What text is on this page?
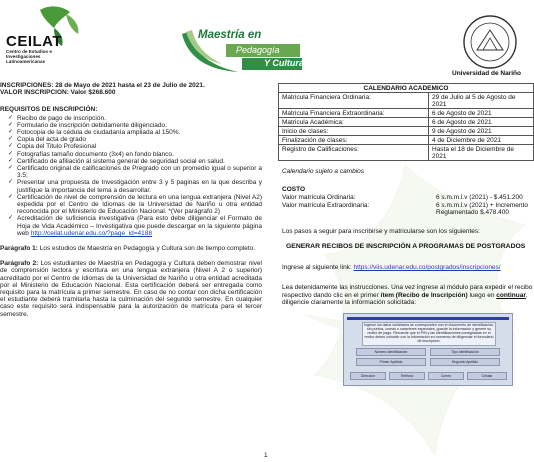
CEILAT
Centro de Estudios e Investigaciones Latinoamericanas
Maestría en
Pedagogía
Y Cultura
Universidad de Nariño

INSCRIPCIONES: 28 de Mayo de 2021 hasta el 23 de Julio de 2021.

VALOR INSCRIPCION: Valor $268.600

REQUISITOS DE INSCRIPCIÓN:

✓ Recibo de pago de inscripción.
✓ Formulario de inscripción debidamente diligenciado.
✓ Fotocopia de la cédula de ciudadanía ampliada al 150%.
✓ Copia del acta de grado
✓ Copia del Titulo Profesional
✓ Fotografías tamaño documento (3x4) en fondo blanco.
✓ Certificado de afiliación al sistema general de seguridad social en salud.
✓ Certificado original de calificaciones de Pregrado con un promedio igual o superior a 3.5;
✓ Presentar una propuesta de Investigación entre 3 y 5 paginas en la que describa y justifique la importancia del tema a desarrollar.
✓ Certificación de nivel de comprensión de lectura en una lengua extranjera (Nivel A2) expedida por el Centro de Idiomas de la Universidad de Nariño u otra entidad reconocida por el Ministerio de Educación Nacional. *(Ver parágrafo 2)
✓ Acreditación de suficiencia investigativa (Para esto debe diligenciar el Formato de Hoja de Vida Académico – Investigativa que puede descargar en la siguiente página web http://ceilat.udenar.edu.co/?page_id=4188

Parágrafo 1: Los estudios de Maestría en Pedagogía y Cultura son de tiempo completo.

Parágrafo 2: Los estudiantes de Maestría en Pedagogía y Cultura deben demostrar nivel de comprensión lectora y escritura en una lengua extranjera (Nivel A 2 o superior) acreditado por el Centro de Idiomas de la Universidad de Nariño u otra entidad acreditada por el Ministerio de Educación Nacional. Esta certificación deberá ser entregada como requisito para la matrícula a primer semestre. En caso de no contar con dicha certificación el estudiante deberá tramitarla hasta la culminación del segundo semestre. En cualquier caso este requisito será indispensable para la autorización de matrícula para el tercer semestre.

CALENDARIO ACADEMICO	
Matricula Financiera Ordinaria:	29 de Julio al 5 de Agosto de 2021
Matricula Financiera Extraordinaria:	6 de Agosto de 2021
Matricula Académica:	6 de Agosto de 2021
Inicio de clases:	9 de Agosto de 2021
Finalización de clases:	4 de Diciembre de 2021
Registro de Calificaciones:	Hasta el 18 de Diciembre de 2021
Calendario sujeto a cambios
COSTO
Valor matrícula Ordinaria:	6 s.m.m.l.v (2021) - $.451.200
Valor matrícula Extraordinaria:	6 s.m.m.l.v (2021) + Incremento Reglamentado $.478.400
Los pasos a seguir para inscribirse y matricularse son los siguientes:
GENERAR RECIBOS DE INSCRIPCIÓN A PROGRAMAS DE POSTGRADOS
Ingrese al siguiente link: https://viis.udenar.edu.co/postgrados/inscripciones/
Lea detenidamente las instrucciones. Una vez ingrese al módulo para expedir el recibo respectivo dando clic en el primer ítem (Recibo de Inscripción) luego en continuar, diligencie claramente la información solicitada:
Ingrese los datos solicitados se corresponden con el documento de identificación, sin puntos, comas o caracteres especiales, guarde la información y genere su recibo de pago. Recuerde que el PIN y las identificaciones consignadas en el recibo deben coincidir con la información en momento de diligenciar el formulario de inscripción.
Número Identificación	Tipo Identificación
Primer Apellido	Segundo Apellido
Dirección	Teléfono	Correo	Celular
1
